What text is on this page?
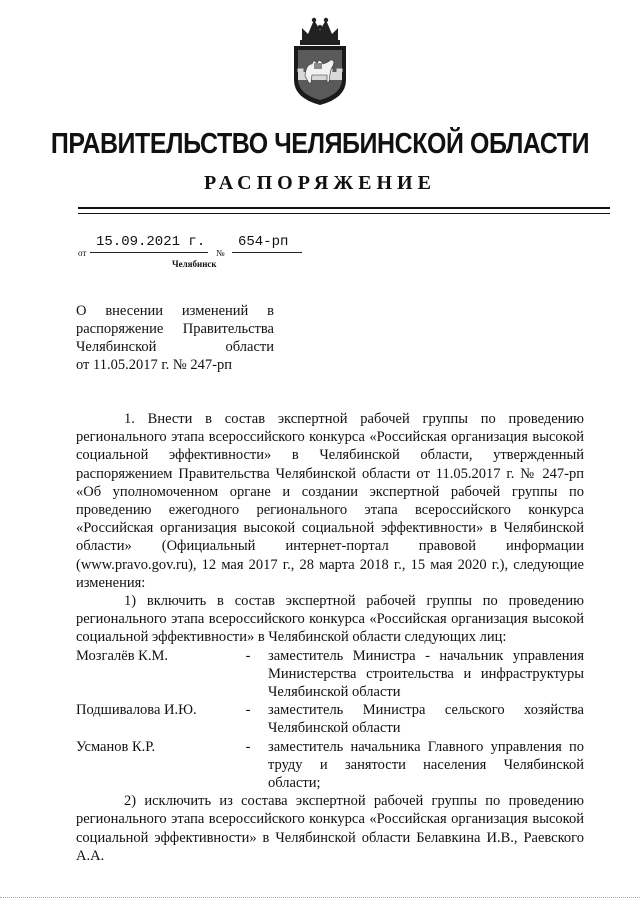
ПРАВИТЕЛЬСТВО ЧЕЛЯБИНСКОЙ ОБЛАСТИ
РАСПОРЯЖЕНИЕ
от
15.09.2021 г.
№
654-рп
Челябинск
О внесении изменений в
распоряжение Правительства
Челябинской области
от 11.05.2017 г. № 247-рп

1. Внести в состав экспертной рабочей группы по проведению регионального этапа всероссийского конкурса «Российская организация высокой социальной эффективности» в Челябинской области, утвержденный распоряжением Правительства Челябинской области от 11.05.2017 г. № 247-рп «Об уполномоченном органе и создании экспертной рабочей группы по проведению ежегодного регионального этапа всероссийского конкурса «Российская организация высокой социальной эффективности» в Челябинской области» (Официальный интернет-портал правовой информации (www.pravo.gov.ru), 12 мая 2017 г., 28 марта 2018 г., 15 мая 2020 г.), следующие изменения:

1) включить в состав экспертной рабочей группы по проведению регионального этапа всероссийского конкурса «Российская организация высокой социальной эффективности» в Челябинской области следующих лиц:

Мозгалёв К.М.	-	заместитель Министра - начальник управления Министерства строительства и инфраструктуры Челябинской области
Подшивалова И.Ю.	-	заместитель Министра сельского хозяйства Челябинской области
Усманов К.Р.	-	заместитель начальника Главного управления по труду и занятости населения Челябинской области;

2) исключить из состава экспертной рабочей группы по проведению регионального этапа всероссийского конкурса «Российская организация высокой социальной эффективности» в Челябинской области Белавкина И.В., Раевского А.А.
